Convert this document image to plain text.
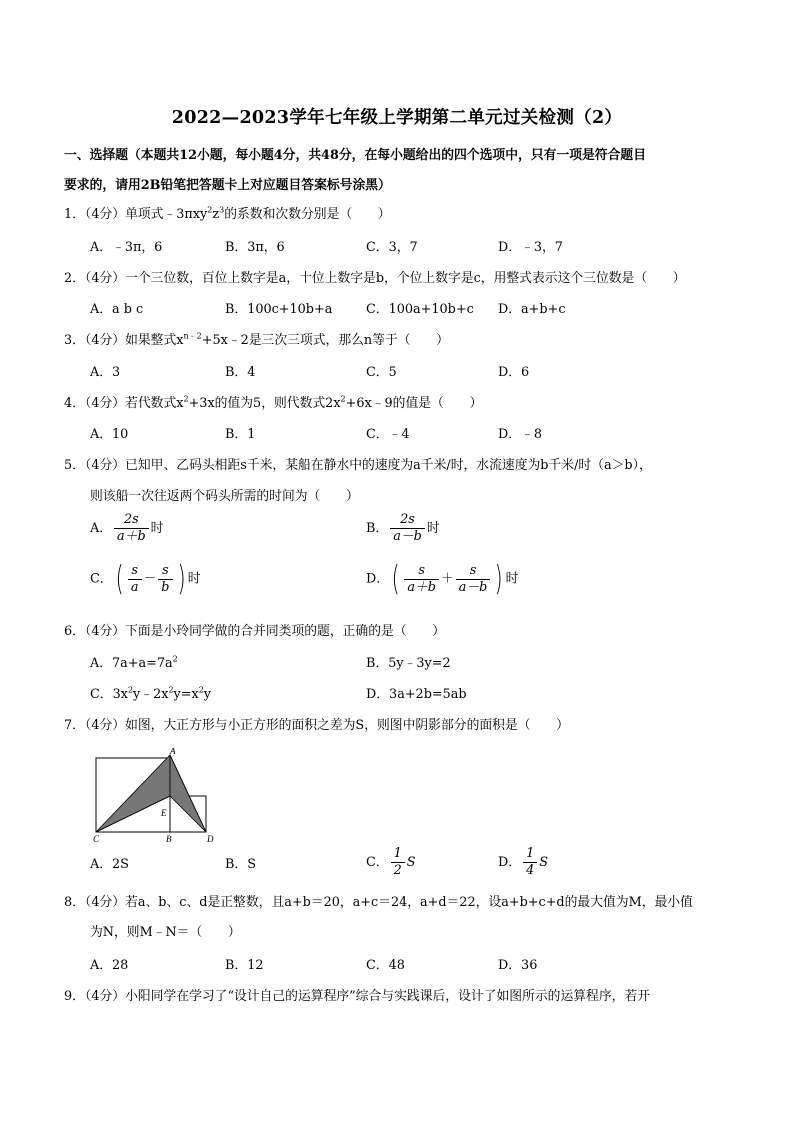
2022—2023学年七年级上学期第二单元过关检测（2）
一、选择题（本题共12小题，每小题4分，共48分，在每小题给出的四个选项中，只有一项是符合题目
要求的，请用2B铅笔把答题卡上对应题目答案标号涂黑）
1．（4分）单项式$﹣3\pi xy^2z^3$的系数和次数分别是（　　）
A．﹣3π，6	B．3π，6	C．3，7	D．﹣3，7
2．（4分）一个三位数，百位上数字是a，十位上数字是b，个位上数字是c，用整式表示这个三位数是（　　）
A．a b c	B．100c+10b+a	C．100a+10b+c D．a+b+c
3．（4分）如果整式$x^{n﹣2}+5x﹣2$是三次三项式，那么n等于（　　）
A．3	B．4	C．5	D．6
4．（4分）若代数式$x^2+3x$的值为5，则代数式$2x^2+6x﹣9$的值是（　　）
A．10	B．1	C．﹣4	D．﹣8
5．（4分）已知甲、乙码头相距s千米，某船在静水中的速度为a千米/时，水流速度为b千米/时（a＞b），
则该船一次往返两个码头所需的时间为（　　）
A． $\frac{2s}{a+b}$ 时	B． $\frac{2s}{a-b}$ 时
C．( $\frac{s}{a} - \frac{s}{b}$ ) 时	D．( $\frac{s}{a+b} + \frac{s}{a-b}$ ) 时
6．（4分）下面是小玲同学做的合并同类项的题，正确的是（　　）
A．$7a+a=7a^2$	B．5y﹣3y=2
C．$3x^2y﹣2x^2y=x^2y$	D．3a+2b=5ab
7．（4分）如图，大正方形与小正方形的面积之差为S，则图中阴影部分的面积是（　　）
A
B
C	D
E
A．2S	B．S	C． $\frac{1}{2}$ S	D． $\frac{1}{4}$ S
8．（4分）若a、b、c、d是正整数，且a+b＝20，a+c＝24，a+d＝22，设a+b+c+d的最大值为M，最小值
为N，则M﹣N＝（　　）
A．28	B．12	C．48	D．36
9．（4分）小阳同学在学习了“设计自己的运算程序”综合与实践课后，设计了如图所示的运算程序，若开
